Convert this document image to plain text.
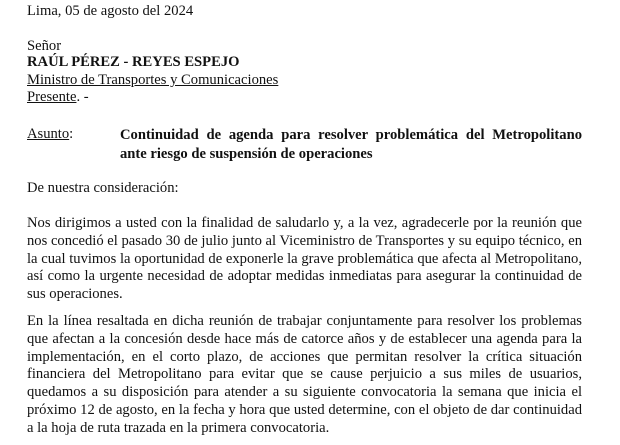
Lima, 05 de agosto del 2024
Señor
RAÚL PÉREZ - REYES ESPEJO
Ministro de Transportes y Comunicaciones
Presente. -
Asunto:	Continuidad de agenda para resolver problemática del Metropolitano ante riesgo de suspensión de operaciones
De nuestra consideración:
Nos dirigimos a usted con la finalidad de saludarlo y, a la vez, agradecerle por la reunión que nos concedió el pasado 30 de julio junto al Viceministro de Transportes y su equipo técnico, en la cual tuvimos la oportunidad de exponerle la grave problemática que afecta al Metropolitano, así como la urgente necesidad de adoptar medidas inmediatas para asegurar la continuidad de sus operaciones.
En la línea resaltada en dicha reunión de trabajar conjuntamente para resolver los problemas que afectan a la concesión desde hace más de catorce años y de establecer una agenda para la implementación, en el corto plazo, de acciones que permitan resolver la crítica situación financiera del Metropolitano para evitar que se cause perjuicio a sus miles de usuarios, quedamos a su disposición para atender a su siguiente convocatoria la semana que inicia el próximo 12 de agosto, en la fecha y hora que usted determine, con el objeto de dar continuidad a la hoja de ruta trazada en la primera convocatoria.
